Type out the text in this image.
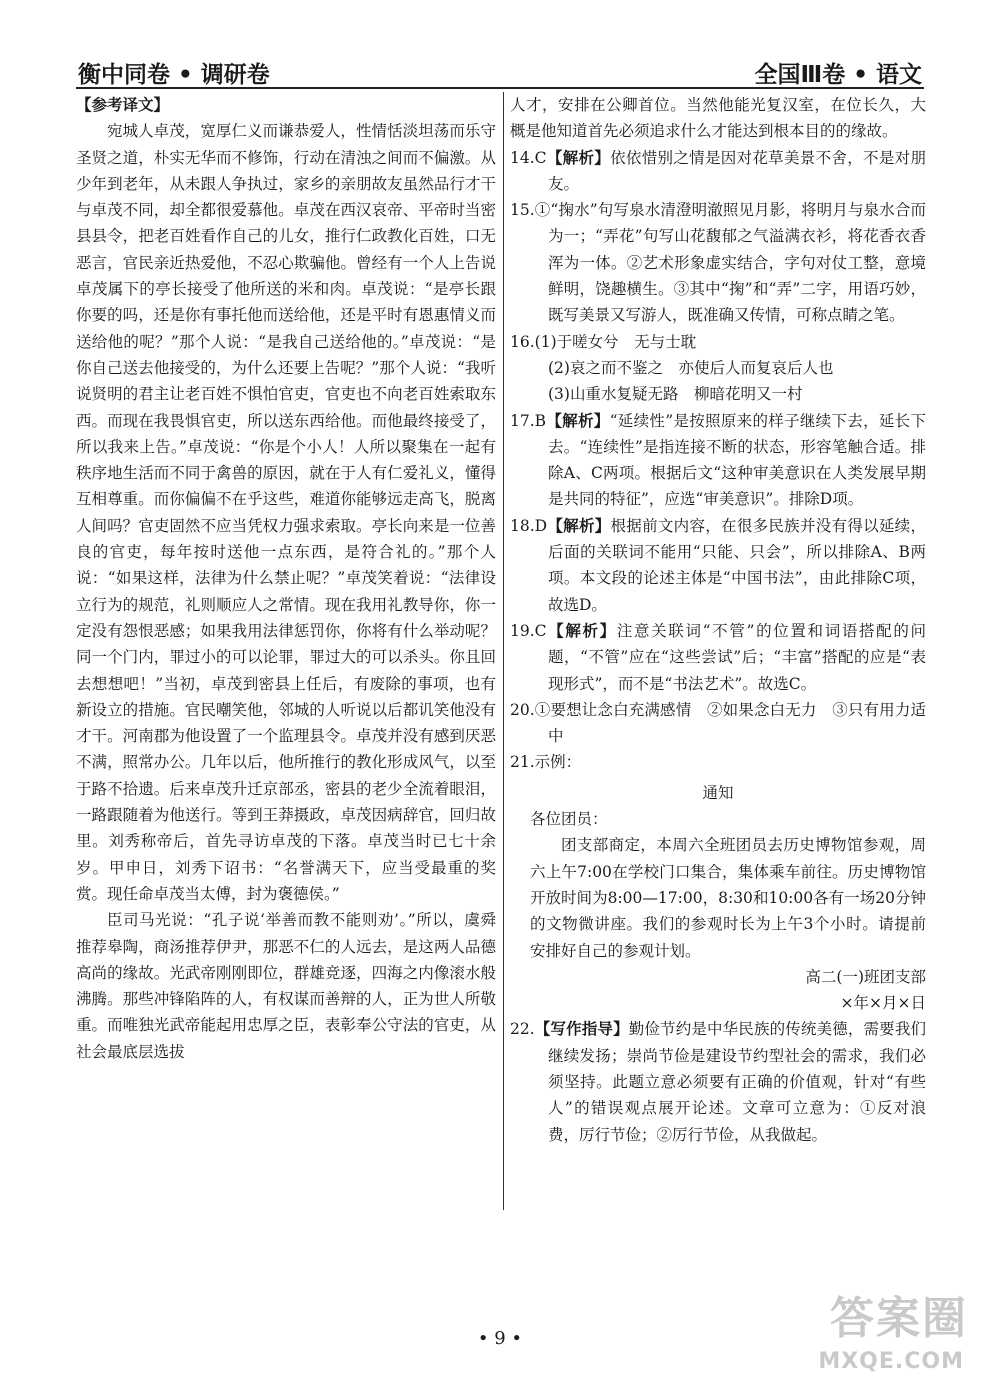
衡中同卷 • 调研卷	全国Ⅲ卷 • 语文

【参考译文】

宛城人卓茂，宽厚仁义而谦恭爱人，性情恬淡坦荡而乐守圣贤之道，朴实无华而不修饰，行动在清浊之间而不偏激。从少年到老年，从未跟人争执过，家乡的亲朋故友虽然品行才干与卓茂不同，却全都很爱慕他。卓茂在西汉哀帝、平帝时当密县县令，把老百姓看作自己的儿女，推行仁政教化百姓，口无恶言，官民亲近热爱他，不忍心欺骗他。曾经有一个人上告说卓茂属下的亭长接受了他所送的米和肉。卓茂说：“是亭长跟你要的吗，还是你有事托他而送给他，还是平时有恩惠情义而送给他的呢？”那个人说：“是我自己送给他的。”卓茂说：“是你自己送去他接受的，为什么还要上告呢？”那个人说：“我听说贤明的君主让老百姓不惧怕官吏，官吏也不向老百姓索取东西。而现在我畏惧官吏，所以送东西给他。而他最终接受了，所以我来上告。”卓茂说：“你是个小人！人所以聚集在一起有秩序地生活而不同于禽兽的原因，就在于人有仁爱礼义，懂得互相尊重。而你偏偏不在乎这些，难道你能够远走高飞，脱离人间吗？官吏固然不应当凭权力强求索取。亭长向来是一位善良的官吏，每年按时送他一点东西，是符合礼的。”那个人说：“如果这样，法律为什么禁止呢？”卓茂笑着说：“法律设立行为的规范，礼则顺应人之常情。现在我用礼教导你，你一定没有怨恨恶感；如果我用法律惩罚你，你将有什么举动呢？同一个门内，罪过小的可以论罪，罪过大的可以杀头。你且回去想想吧！”当初，卓茂到密县上任后，有废除的事项，也有新设立的措施。官民嘲笑他，邻城的人听说以后都讥笑他没有才干。河南郡为他设置了一个监理县令。卓茂并没有感到厌恶不满，照常办公。几年以后，他所推行的教化形成风气，以至于路不拾遗。后来卓茂升迁京部丞，密县的老少全流着眼泪，一路跟随着为他送行。等到王莽摄政，卓茂因病辞官，回归故里。刘秀称帝后，首先寻访卓茂的下落。卓茂当时已七十余岁。甲申日，刘秀下诏书：“名誉满天下，应当受最重的奖赏。现任命卓茂当太傅，封为褒德侯。”

臣司马光说：“孔子说‘举善而教不能则劝’。”所以，虞舜推荐皋陶，商汤推荐伊尹，那恶不仁的人远去，是这两人品德高尚的缘故。光武帝刚刚即位，群雄竞逐，四海之内像滚水般沸腾。那些冲锋陷阵的人，有权谋而善辩的人，正为世人所敬重。而唯独光武帝能起用忠厚之臣，表彰奉公守法的官吏，从社会最底层选拔

人才，安排在公卿首位。当然他能光复汉室，在位长久，大概是他知道首先必须追求什么才能达到根本目的的缘故。

14.C【解析】依依惜别之情是因对花草美景不舍，不是对朋友。

15.①“掬水”句写泉水清澄明澈照见月影，将明月与泉水合而为一；“弄花”句写山花馥郁之气溢满衣衫，将花香衣香浑为一体。②艺术形象虚实结合，字句对仗工整，意境鲜明，饶趣横生。③其中“掬”和“弄”二字，用语巧妙，既写美景又写游人，既准确又传情，可称点睛之笔。

16.(1)于嗟女兮　无与士耽

(2)哀之而不鉴之　亦使后人而复哀后人也

(3)山重水复疑无路　柳暗花明又一村

17.B【解析】“延续性”是按照原来的样子继续下去，延长下去。“连续性”是指连接不断的状态，形容笔触合适。排除A、C两项。根据后文“这种审美意识在人类发展早期是共同的特征”，应选“审美意识”。排除D项。

18.D【解析】根据前文内容，在很多民族并没有得以延续，后面的关联词不能用“只能、只会”，所以排除A、B两项。本文段的论述主体是“中国书法”，由此排除C项，故选D。

19.C【解析】注意关联词“不管”的位置和词语搭配的问题，“不管”应在“这些尝试”后；“丰富”搭配的应是“表现形式”，而不是“书法艺术”。故选C。

20.①要想让念白充满感情　②如果念白无力　③只有用力适中

21.示例：

通知

各位团员：

团支部商定，本周六全班团员去历史博物馆参观，周六上午7:00在学校门口集合，集体乘车前往。历史博物馆开放时间为8:00—17:00，8:30和10:00各有一场20分钟的文物微讲座。我们的参观时长为上午3个小时。请提前安排好自己的参观计划。

高二(一)班团支部

×年×月×日

22.【写作指导】勤俭节约是中华民族的传统美德，需要我们继续发扬；崇尚节俭是建设节约型社会的需求，我们必须坚持。此题立意必须要有正确的价值观，针对“有些人”的错误观点展开论述。文章可立意为：①反对浪费，厉行节俭；②厉行节俭，从我做起。

• 9 •	答案圈
MXQE.COM
